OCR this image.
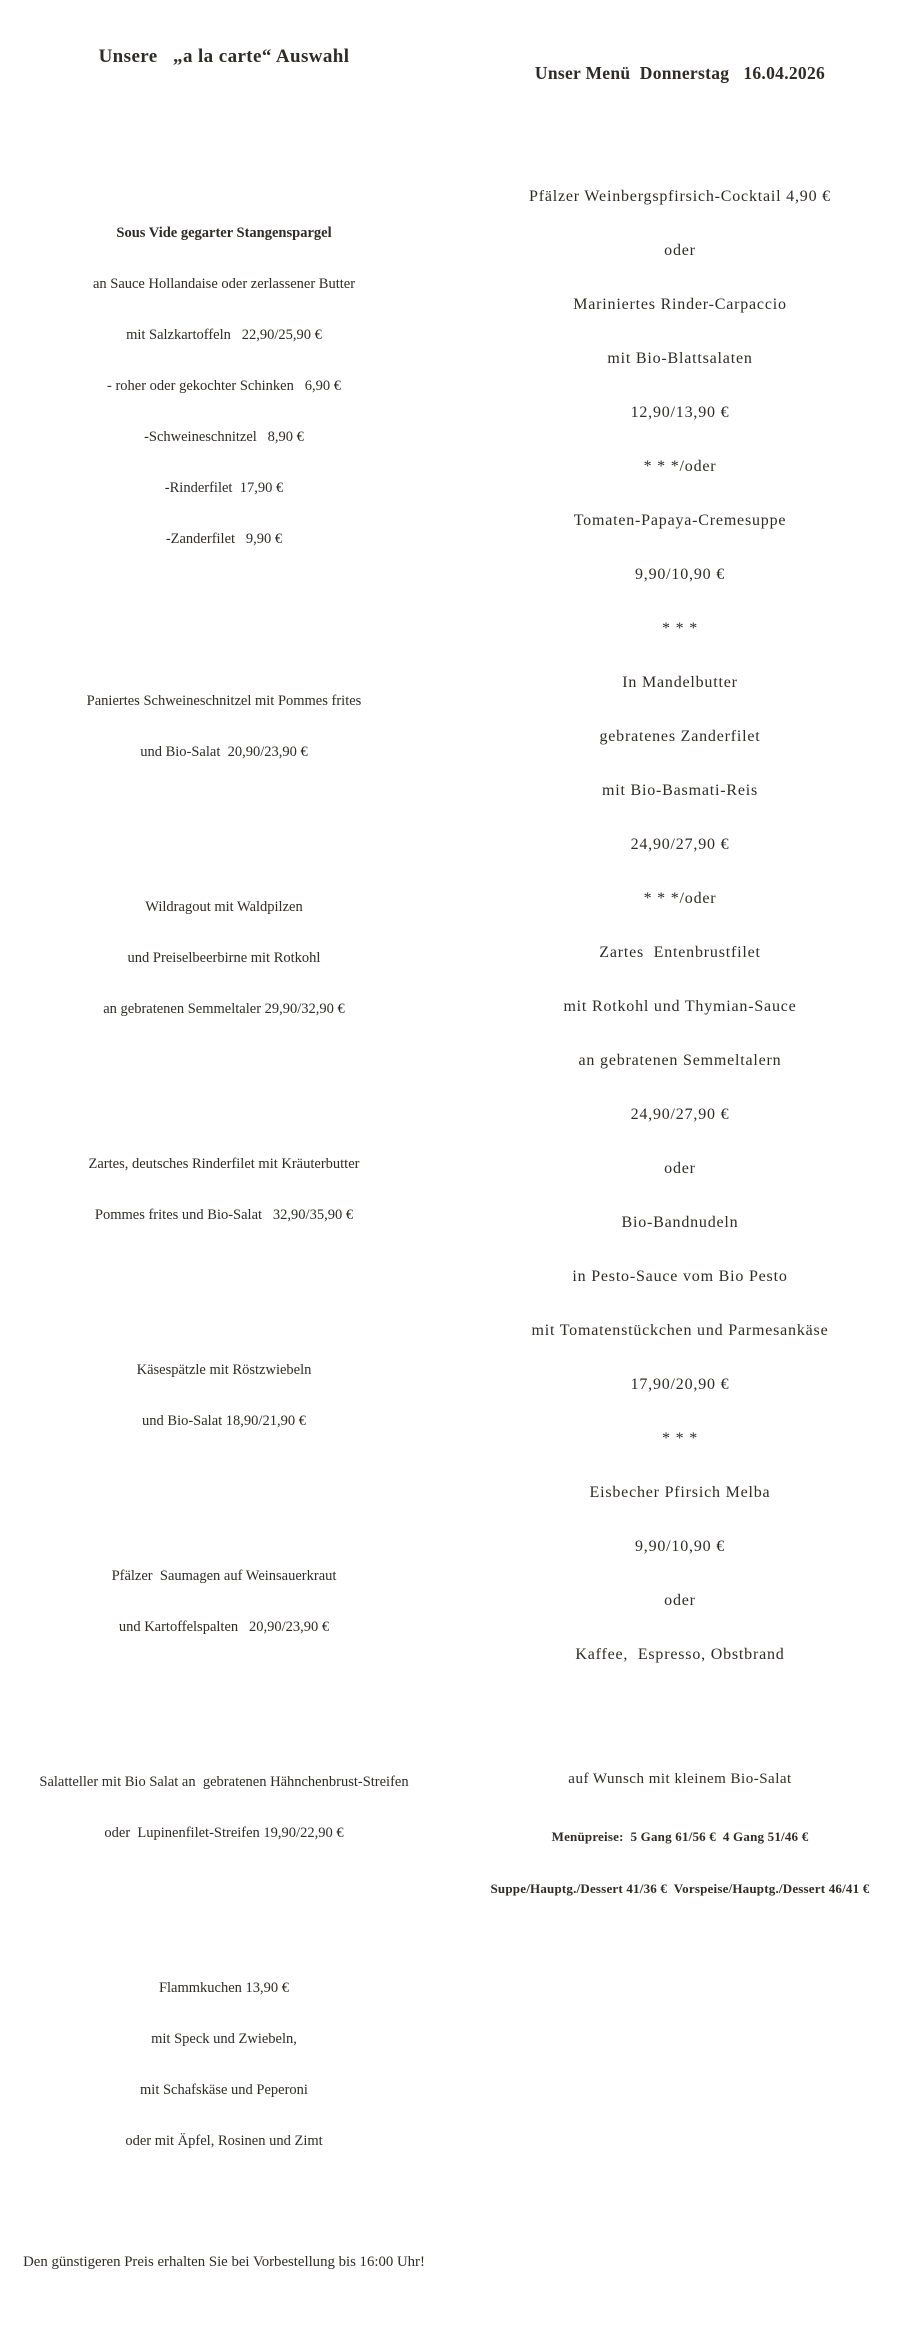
Unsere   „a la carte“ Auswahl

Sous Vide gegarter Stangenspargel

an Sauce Hollandaise oder zerlassener Butter

mit Salzkartoffeln   22,90/25,90 €

- roher oder gekochter Schinken   6,90 €

-Schweineschnitzel   8,90 €

-Rinderfilet  17,90 €

-Zanderfilet   9,90 €

Paniertes Schweineschnitzel mit Pommes frites

und Bio-Salat  20,90/23,90 €

Wildragout mit Waldpilzen

und Preiselbeerbirne mit Rotkohl

an gebratenen Semmeltaler 29,90/32,90 €

Zartes, deutsches Rinderfilet mit Kräuterbutter

Pommes frites und Bio-Salat   32,90/35,90 €

Käsespätzle mit Röstzwiebeln

und Bio-Salat 18,90/21,90 €

Pfälzer  Saumagen auf Weinsauerkraut

und Kartoffelspalten   20,90/23,90 €

Salatteller mit Bio Salat an  gebratenen Hähnchenbrust-Streifen

oder  Lupinenfilet-Streifen 19,90/22,90 €

Flammkuchen 13,90 €

mit Speck und Zwiebeln,

mit Schafskäse und Peperoni

oder mit Äpfel, Rosinen und Zimt

Den günstigeren Preis erhalten Sie bei Vorbestellung bis 16:00 Uhr!

Unser Menü  Donnerstag   16.04.2026

Pfälzer Weinbergspfirsich-Cocktail 4,90 €

oder

Mariniertes Rinder-Carpaccio

mit Bio-Blattsalaten

12,90/13,90 €

* * */oder

Tomaten-Papaya-Cremesuppe

9,90/10,90 €

* * *

In Mandelbutter

gebratenes Zanderfilet

mit Bio-Basmati-Reis

24,90/27,90 €

* * */oder

Zartes  Entenbrustfilet

mit Rotkohl und Thymian-Sauce

an gebratenen Semmeltalern

24,90/27,90 €

oder

Bio-Bandnudeln

in Pesto-Sauce vom Bio Pesto

mit Tomatenstückchen und Parmesankäse

17,90/20,90 €

* * *

Eisbecher Pfirsich Melba

9,90/10,90 €

oder

Kaffee,  Espresso, Obstbrand

auf Wunsch mit kleinem Bio-Salat

Menüpreise:  5 Gang 61/56 €  4 Gang 51/46 €

Suppe/Hauptg./Dessert 41/36 €  Vorspeise/Hauptg./Dessert 46/41 €
